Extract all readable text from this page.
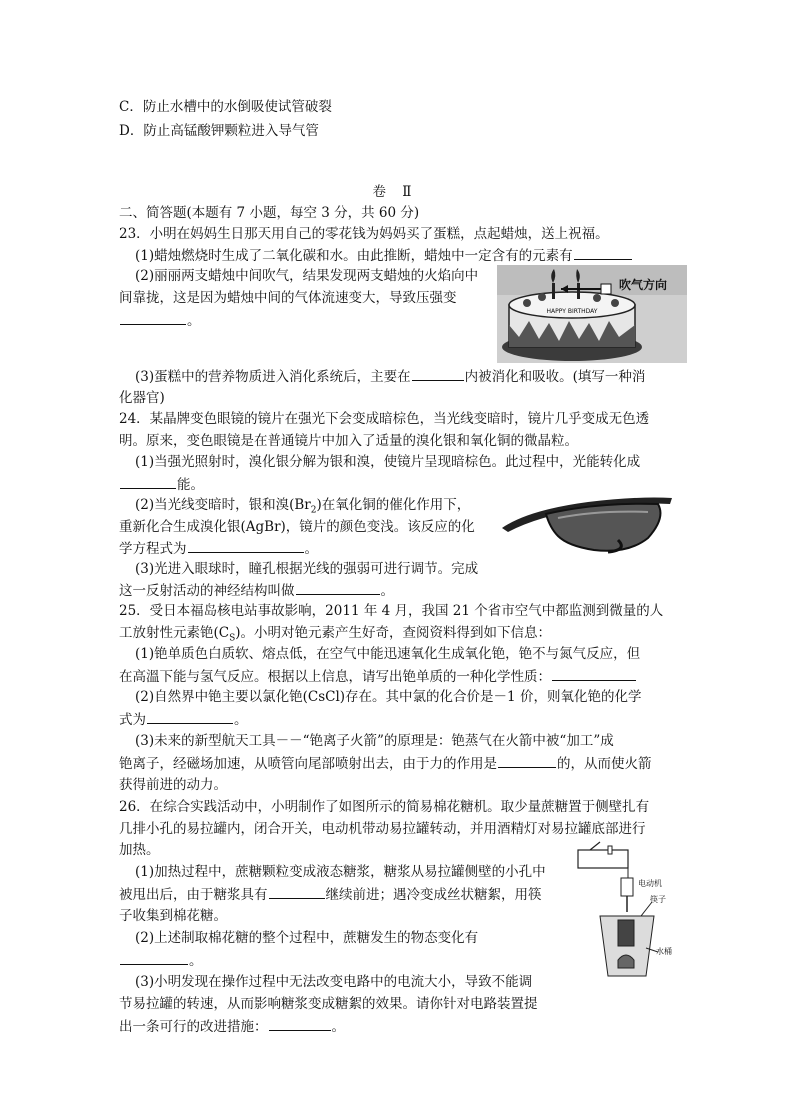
C．防止水槽中的水倒吸使试管破裂
D．防止高锰酸钾颗粒进入导气管
卷 Ⅱ
二、简答题(本题有 7 小题，每空 3 分，共 60 分)
23．小明在妈妈生日那天用自己的零花钱为妈妈买了蛋糕，点起蜡烛，送上祝福。
(1)蜡烛燃烧时生成了二氧化碳和水。由此推断，蜡烛中一定含有的元素有
(2)丽丽两支蜡烛中间吹气，结果发现两支蜡烛的火焰向中
间靠拢，这是因为蜡烛中间的气体流速变大，导致压强变
。
HAPPY BIRTHDAY
吹气方向
(3)蛋糕中的营养物质进入消化系统后，主要在	内被消化和吸收。(填写一种消
化器官)
24．某晶牌变色眼镜的镜片在强光下会变成暗棕色，当光线变暗时，镜片几乎变成无色透
明。原来，变色眼镜是在普通镜片中加入了适量的溴化银和氧化铜的微晶粒。
(1)当强光照射时，溴化银分解为银和溴，使镜片呈现暗棕色。此过程中，光能转化成
能。
(2)当光线变暗时，银和溴$(Br_2)$在氧化铜的催化作用下，
重新化合生成溴化银(AgBr)，镜片的颜色变浅。该反应的化
学方程式为	。
(3)光进入眼球时，瞳孔根据光线的强弱可进行调节。完成
这一反射活动的神经结构叫做	。
25．受日本福岛核电站事故影响，2011 年 4 月，我国 21 个省市空气中都监测到微量的人
工放射性元素铯$(C_S)$。小明对铯元素产生好奇，查阅资料得到如下信息：
(1)铯单质色白质软、熔点低，在空气中能迅速氧化生成氧化铯，铯不与氮气反应，但
在高溫下能与氢气反应。根据以上信息，请写出铯单质的一种化学性质：
(2)自然界中铯主要以氯化铯(CsCl)存在。其中氯的化合价是－1 价，则氧化铯的化学
式为	。
(3)未来的新型航天工具－－“铯离子火箭”的原理是：铯蒸气在火箭中被“加工”成
铯离子，经磁场加速，从喷管向尾部喷射出去，由于力的作用是	的，从而使火箭
获得前进的动力。
26．在综合实践活动中，小明制作了如图所示的简易棉花糖机。取少量蔗糖置于侧壁扎有
几排小孔的易拉罐内，闭合开关，电动机带动易拉罐转动，并用酒精灯对易拉罐底部进行
加热。
(1)加热过程中，蔗糖颗粒变成液态糖浆，糖浆从易拉罐侧壁的小孔中
被甩出后，由于糖浆具有	继续前进；遇冷变成丝状糖絮，用筷
子收集到棉花糖。
(2)上述制取棉花糖的整个过程中，蔗糖发生的物态变化有
。
(3)小明发现在操作过程中无法改变电路中的电流大小，导致不能调
节易拉罐的转速，从而影响糖浆变成糖絮的效果。请你针对电路装置提
出一条可行的改进措施：	。
电动机
筷子
水桶
